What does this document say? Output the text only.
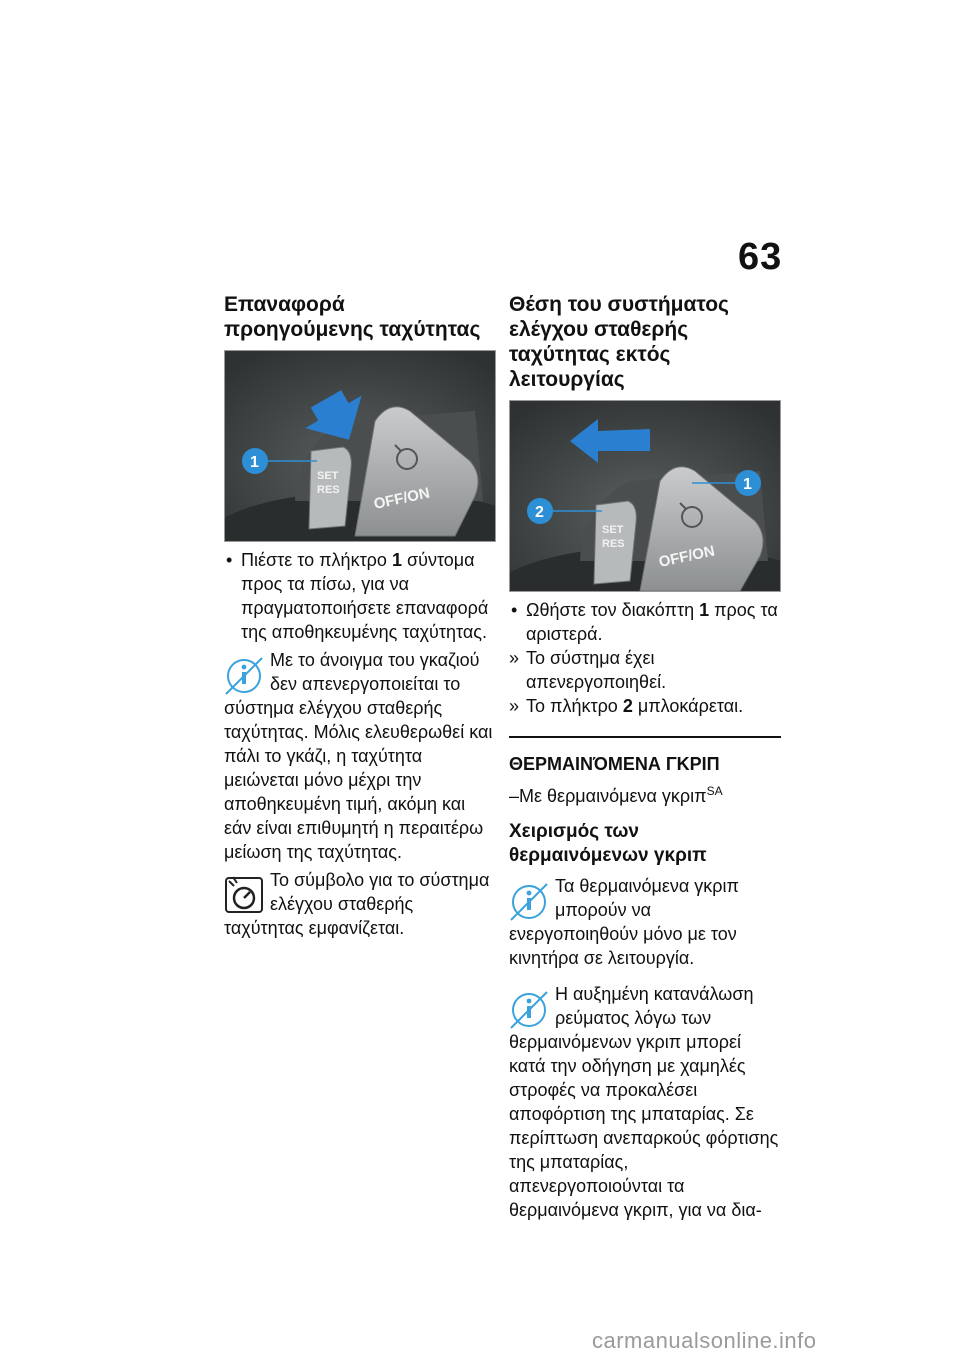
63
Επαναφορά προηγούμενης ταχύτητας
SET
RES OFF/ON
1

• Πιέστε το πλήκτρο 1 σύντομα προς τα πίσω, για να πραγματοποιήσετε επαναφορά της αποθηκευμένης ταχύτητας.

Με το άνοιγμα του γκαζιού δεν απενεργοποιείται το σύστημα ελέγχου σταθερής ταχύτητας. Μόλις ελευθερωθεί και πάλι το γκάζι, η ταχύτητα μειώνεται μόνο μέχρι την αποθηκευμένη τιμή, ακόμη και εάν είναι επιθυμητή η περαιτέρω μείωση της ταχύτητας.

Το σύμβολο για το σύστημα ελέγχου σταθερής ταχύτητας εμφανίζεται.

Θέση του συστήματος ελέγχου σταθερής ταχύτητας εκτός λειτουργίας
SET
RES OFF/ON
1
2

• Ωθήστε τον διακόπτη 1 προς τα αριστερά.

» Το σύστημα έχει απενεργοποιηθεί.

» Το πλήκτρο 2 μπλοκάρεται.

ΘΕΡΜΑΙΝΌΜΕΝΑ ΓΚΡΙΠ

–Με θερμαινόμενα γκριπ$^{SA}$

Χειρισμός των θερμαινόμενων γκριπ

Τα θερμαινόμενα γκριπ μπορούν να ενεργοποιηθούν μόνο με τον κινητήρα σε λειτουργία.

Η αυξημένη κατανάλωση ρεύματος λόγω των θερμαινόμενων γκριπ μπορεί κατά την οδήγηση με χαμηλές στροφές να προκαλέσει αποφόρτιση της μπαταρίας. Σε περίπτωση ανεπαρκούς φόρτισης της μπαταρίας, απενεργοποιούνται τα θερμαινόμενα γκριπ, για να δια-

carmanualsonline.info
